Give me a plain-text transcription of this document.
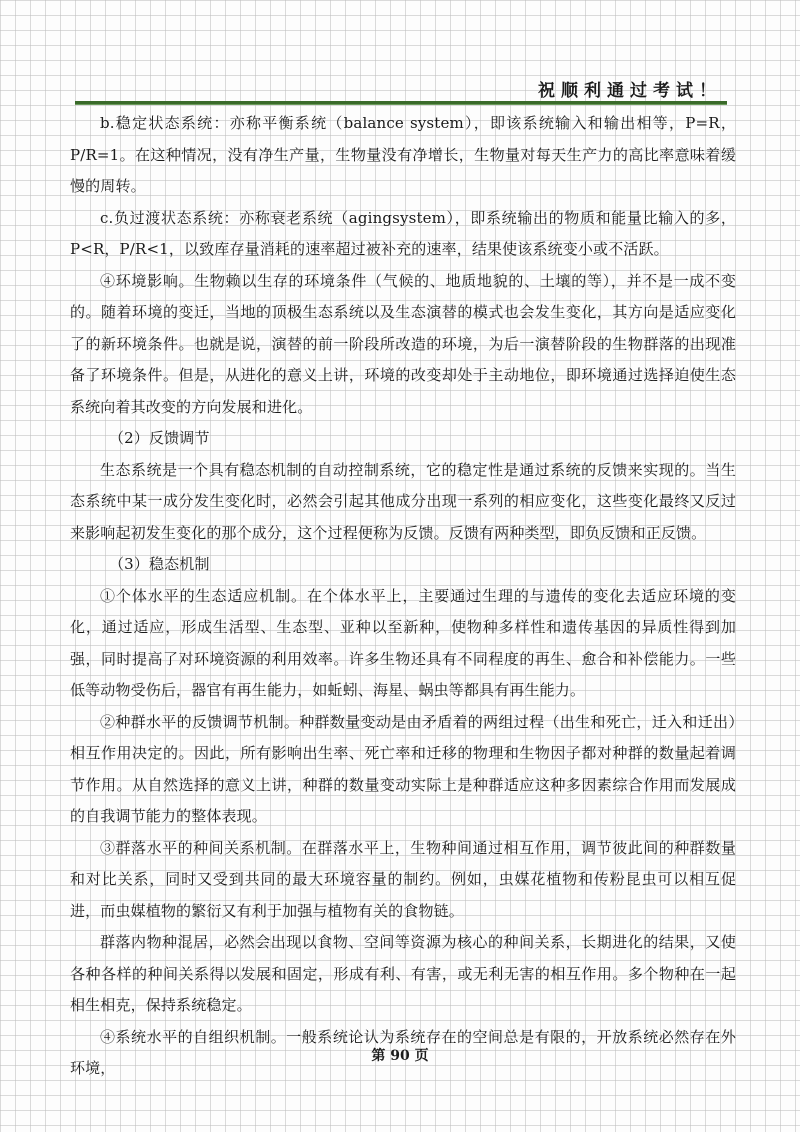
祝顺利通过考试！

b.稳定状态系统：亦称平衡系统（balance system），即该系统输入和输出相等，P=R，P/R=1。在这种情况，没有净生产量，生物量没有净增长，生物量对每天生产力的高比率意味着缓慢的周转。

c.负过渡状态系统：亦称衰老系统（agingsystem），即系统输出的物质和能量比输入的多，P<R，P/R<1，以致库存量消耗的速率超过被补充的速率，结果使该系统变小或不活跃。

④环境影响。生物赖以生存的环境条件（气候的、地质地貌的、土壤的等），并不是一成不变的。随着环境的变迁，当地的顶极生态系统以及生态演替的模式也会发生变化，其方向是适应变化了的新环境条件。也就是说，演替的前一阶段所改造的环境，为后一演替阶段的生物群落的出现准备了环境条件。但是，从进化的意义上讲，环境的改变却处于主动地位，即环境通过选择迫使生态系统向着其改变的方向发展和进化。

（2）反馈调节

生态系统是一个具有稳态机制的自动控制系统，它的稳定性是通过系统的反馈来实现的。当生态系统中某一成分发生变化时，必然会引起其他成分出现一系列的相应变化，这些变化最终又反过来影响起初发生变化的那个成分，这个过程便称为反馈。反馈有两种类型，即负反馈和正反馈。

（3）稳态机制

①个体水平的生态适应机制。在个体水平上，主要通过生理的与遗传的变化去适应环境的变化，通过适应，形成生活型、生态型、亚种以至新种，使物种多样性和遗传基因的异质性得到加强，同时提高了对环境资源的利用效率。许多生物还具有不同程度的再生、愈合和补偿能力。一些低等动物受伤后，器官有再生能力，如蚯蚓、海星、蜗虫等都具有再生能力。

②种群水平的反馈调节机制。种群数量变动是由矛盾着的两组过程（出生和死亡，迁入和迁出）相互作用决定的。因此，所有影响出生率、死亡率和迁移的物理和生物因子都对种群的数量起着调节作用。从自然选择的意义上讲，种群的数量变动实际上是种群适应这种多因素综合作用而发展成的自我调节能力的整体表现。

③群落水平的种间关系机制。在群落水平上，生物种间通过相互作用，调节彼此间的种群数量和对比关系，同时又受到共同的最大环境容量的制约。例如，虫媒花植物和传粉昆虫可以相互促进，而虫媒植物的繁衍又有利于加强与植物有关的食物链。

群落内物种混居，必然会出现以食物、空间等资源为核心的种间关系，长期进化的结果，又使各种各样的种间关系得以发展和固定，形成有利、有害，或无利无害的相互作用。多个物种在一起相生相克，保持系统稳定。

④系统水平的自组织机制。一般系统论认为系统存在的空间总是有限的，开放系统必然存在外环境，

第 90 页
